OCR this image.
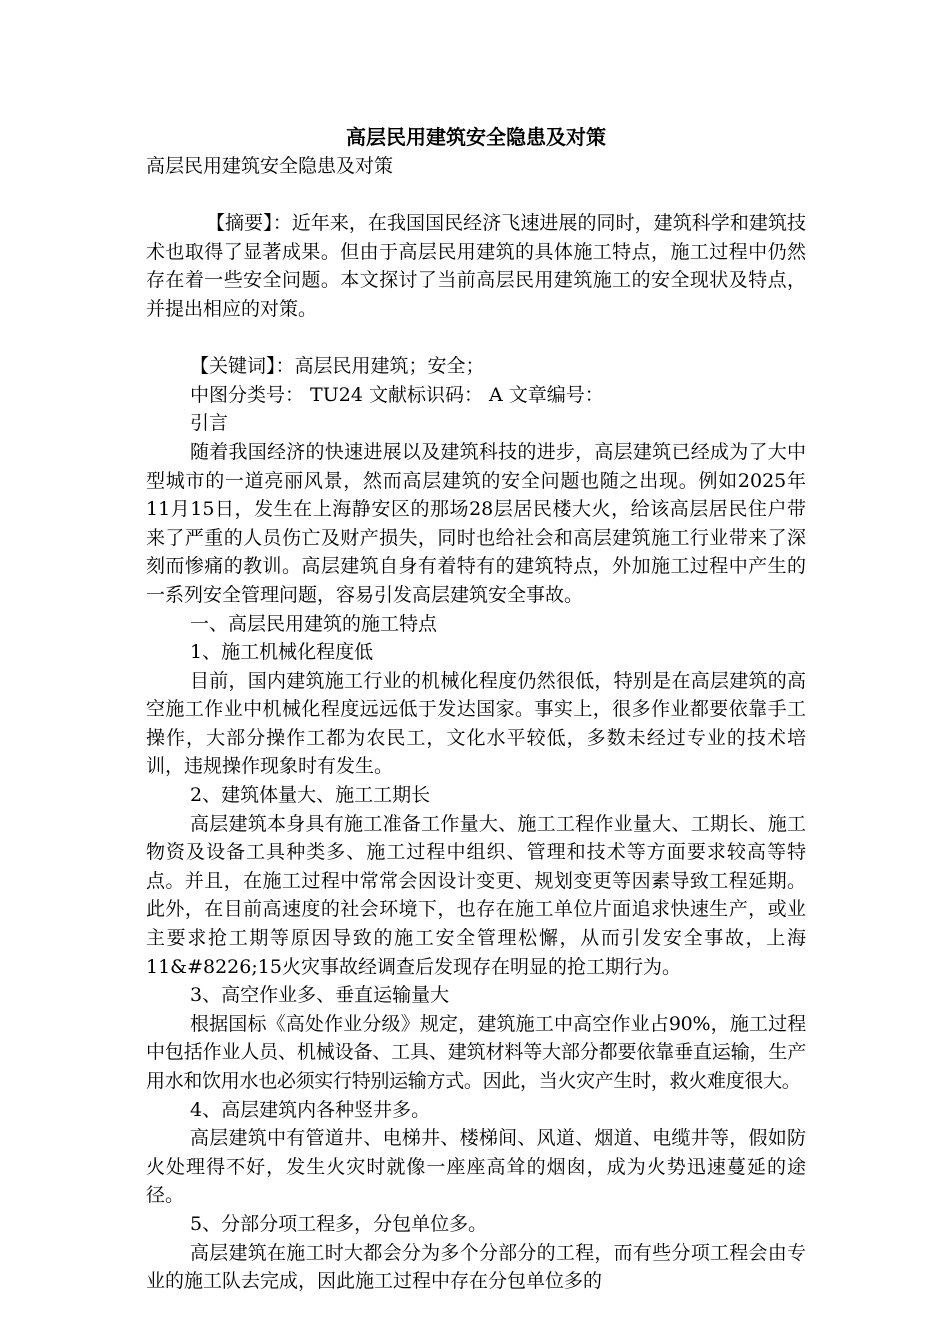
高层民用建筑安全隐患及对策

高层民用建筑安全隐患及对策

【摘要】：近年来，在我国国民经济飞速进展的同时，建筑科学和建筑技术也取得了显著成果。但由于高层民用建筑的具体施工特点，施工过程中仍然存在着一些安全问题。本文探讨了当前高层民用建筑施工的安全现状及特点，并提出相应的对策。

【关键词】：高层民用建筑；安全；

中图分类号： TU24 文献标识码： A 文章编号：

引言

随着我国经济的快速进展以及建筑科技的进步，高层建筑已经成为了大中型城市的一道亮丽风景，然而高层建筑的安全问题也随之出现。例如2025年11月15日，发生在上海静安区的那场28层居民楼大火，给该高层居民住户带来了严重的人员伤亡及财产损失，同时也给社会和高层建筑施工行业带来了深刻而惨痛的教训。高层建筑自身有着特有的建筑特点，外加施工过程中产生的一系列安全管理问题，容易引发高层建筑安全事故。

一、高层民用建筑的施工特点

1、施工机械化程度低

目前，国内建筑施工行业的机械化程度仍然很低，特别是在高层建筑的高空施工作业中机械化程度远远低于发达国家。事实上，很多作业都要依靠手工操作，大部分操作工都为农民工，文化水平较低，多数未经过专业的技术培训，违规操作现象时有发生。

2、建筑体量大、施工工期长

高层建筑本身具有施工准备工作量大、施工工程作业量大、工期长、施工物资及设备工具种类多、施工过程中组织、管理和技术等方面要求较高等特点。并且，在施工过程中常常会因设计变更、规划变更等因素导致工程延期。此外，在目前高速度的社会环境下，也存在施工单位片面追求快速生产，或业主要求抢工期等原因导致的施工安全管理松懈，从而引发安全事故，上海11&#8226;15火灾事故经调查后发现存在明显的抢工期行为。

3、高空作业多、垂直运输量大

根据国标《高处作业分级》规定，建筑施工中高空作业占90%，施工过程中包括作业人员、机械设备、工具、建筑材料等大部分都要依靠垂直运输，生产用水和饮用水也必须实行特别运输方式。因此，当火灾产生时，救火难度很大。

4、高层建筑内各种竖井多。

高层建筑中有管道井、电梯井、楼梯间、风道、烟道、电缆井等，假如防火处理得不好，发生火灾时就像一座座高耸的烟囱，成为火势迅速蔓延的途径。

5、分部分项工程多，分包单位多。

高层建筑在施工时大都会分为多个分部分的工程，而有些分项工程会由专业的施工队去完成，因此施工过程中存在分包单位多的
